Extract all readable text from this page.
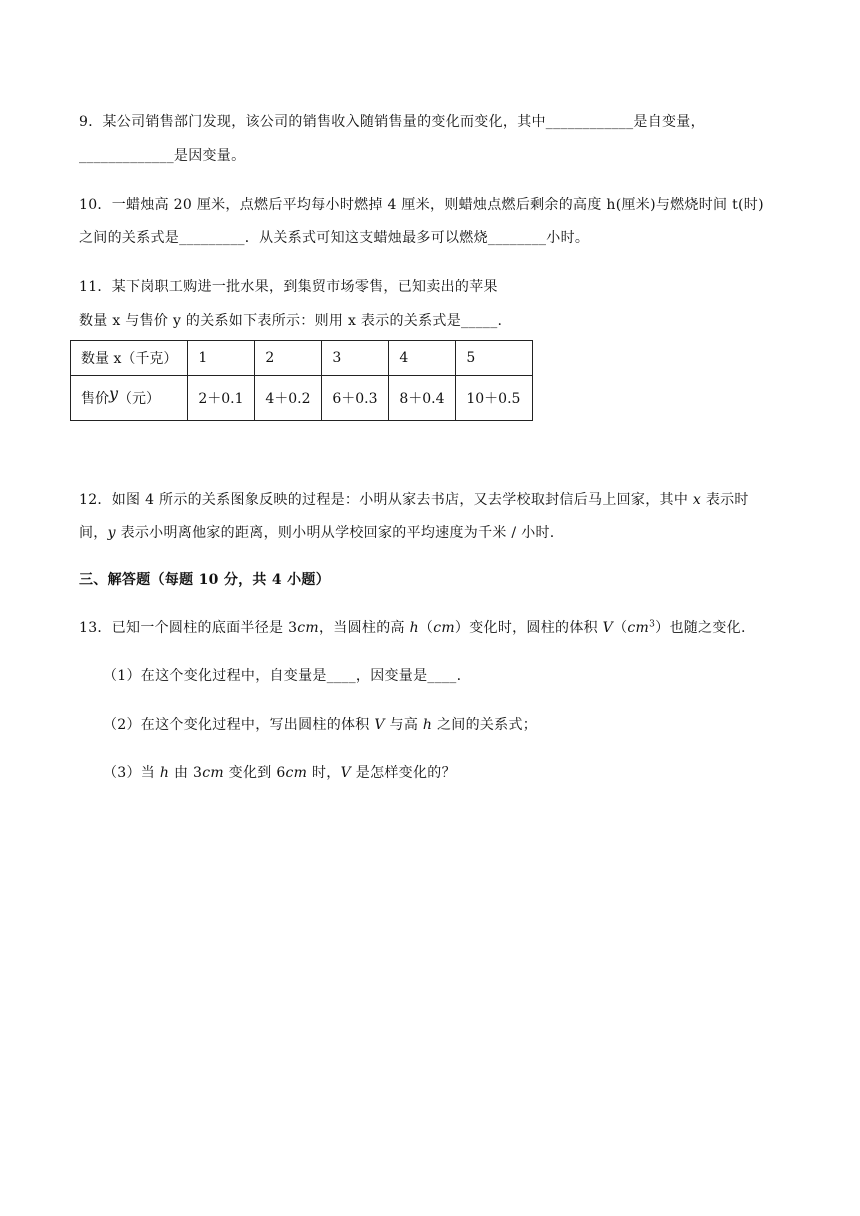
9．某公司销售部门发现，该公司的销售收入随销售量的变化而变化，其中____________是自变量，
_____________是因变量。
10．一蜡烛高 20 厘米，点燃后平均每小时燃掉 4 厘米，则蜡烛点燃后剩余的高度 h(厘米)与燃烧时间 t(时)
之间的关系式是_________．从关系式可知这支蜡烛最多可以燃烧________小时。
11．某下岗职工购进一批水果，到集贸市场零售，已知卖出的苹果
数量 x 与售价 y 的关系如下表所示：则用 x 表示的关系式是_____.
数量 x（千克）	1	2	3	4	5
售价y（元）	2＋0.1	4＋0.2	6＋0.3	8＋0.4	10＋0.5
12．如图 4 所示的关系图象反映的过程是：小明从家去书店，又去学校取封信后马上回家，其中 x 表示时
间，y 表示小明离他家的距离，则小明从学校回家的平均速度为千米 / 小时.
三、解答题（每题 10 分，共 4 小题）
13．已知一个圆柱的底面半径是 3cm，当圆柱的高 h（cm）变化时，圆柱的体积 $V(cm^3)$也随之变化.
（1）在这个变化过程中，自变量是____，因变量是____.
（2）在这个变化过程中，写出圆柱的体积 V 与高 h 之间的关系式；
（3）当 h 由 3cm 变化到 6cm 时，V 是怎样变化的？
